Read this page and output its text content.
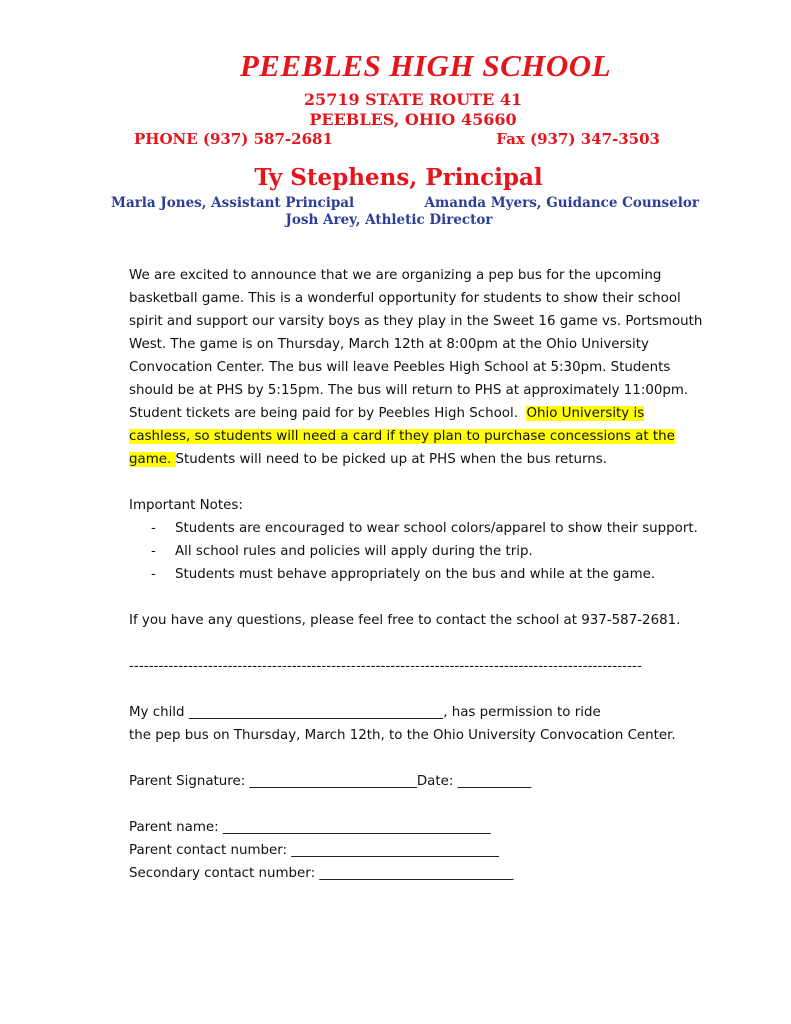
PEEBLES HIGH SCHOOL
25719 STATE ROUTE 41
PEEBLES, OHIO 45660
PHONE (937) 587-2681	Fax (937) 347-3503
Ty Stephens, Principal
Marla Jones, Assistant Principal	Amanda Myers, Guidance Counselor
Josh Arey, Athletic Director
We are excited to announce that we are organizing a pep bus for the upcoming
basketball game. This is a wonderful opportunity for students to show their school
spirit and support our varsity boys as they play in the Sweet 16 game vs. Portsmouth
West. The game is on Thursday, March 12th at 8:00pm at the Ohio University
Convocation Center. The bus will leave Peebles High School at 5:30pm. Students
should be at PHS by 5:15pm. The bus will return to PHS at approximately 11:00pm.
Student tickets are being paid for by Peebles High School.  Ohio University is
cashless, so students will need a card if they plan to purchase concessions at the
game. Students will need to be picked up at PHS when the bus returns.
Important Notes:
- Students are encouraged to wear school colors/apparel to show their support.
- All school rules and policies will apply during the trip.
- Students must behave appropriately on the bus and while at the game.
If you have any questions, please feel free to contact the school at 937-587-2681.
--------------------------------------------------------------------------------------------------------
My child ______________________________________, has permission to ride
the pep bus on Thursday, March 12th, to the Ohio University Convocation Center.
Parent Signature: _________________________Date: ___________
Parent name: ________________________________________
Parent contact number: _______________________________
Secondary contact number: _____________________________
